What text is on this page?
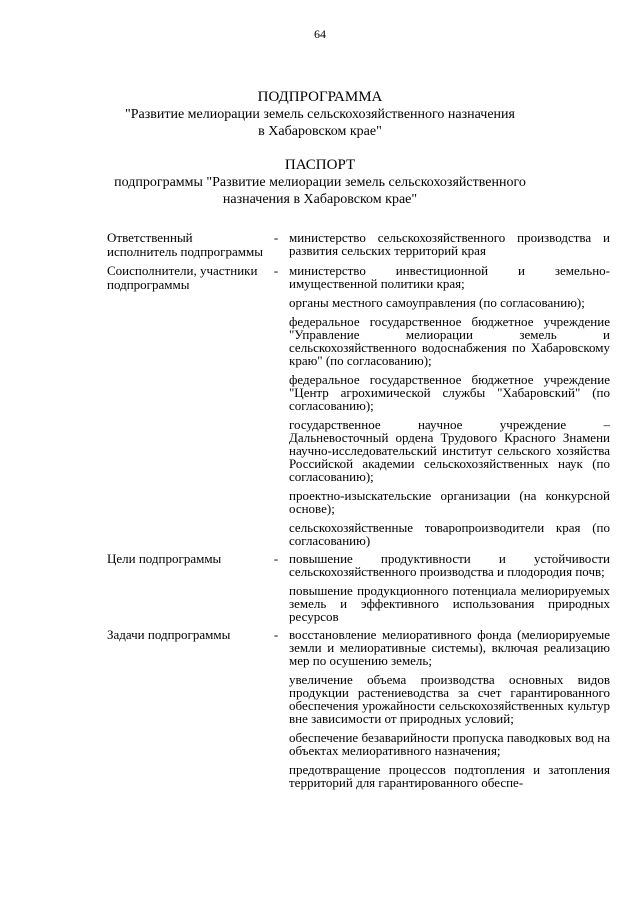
64
ПОДПРОГРАММА
"Развитие мелиорации земель сельскохозяйственного назначения
в Хабаровском крае"
ПАСПОРТ
подпрограммы "Развитие мелиорации земель сельскохозяйственного
назначения в Хабаровском крае"
Ответственный исполнитель подпрограммы
- министерство сельскохозяйственного производства и развития сельских территорий края
Соисполнители, участники подпрограммы
- министерство инвестиционной и земельно-имущественной политики края;
органы местного самоуправления (по согласованию);
федеральное государственное бюджетное учреждение "Управление мелиорации земель и сельскохозяйственного водоснабжения по Хабаровскому краю" (по согласованию);
федеральное государственное бюджетное учреждение "Центр агрохимической службы "Хабаровский" (по согласованию);
государственное научное учреждение – Дальневосточный ордена Трудового Красного Знамени научно-исследовательский институт сельского хозяйства Российской академии сельскохозяйственных наук (по согласованию);
проектно-изыскательские организации (на конкурсной основе);
сельскохозяйственные товаропроизводители края (по согласованию)
Цели подпрограммы	- повышение продуктивности и устойчивости сельскохозяйственного производства и плодородия почв;
повышение продукционного потенциала мелиорируемых земель и эффективного использования природных ресурсов
Задачи подпрограммы	- восстановление мелиоративного фонда (мелиорируемые земли и мелиоративные системы), включая реализацию мер по осушению земель;
увеличение объема производства основных видов продукции растениеводства за счет гарантированного обеспечения урожайности сельскохозяйственных культур вне зависимости от природных условий;
обеспечение безаварийности пропуска паводковых вод на объектах мелиоративного назначения;
предотвращение процессов подтопления и затопления территорий для гарантированного обеспе-
